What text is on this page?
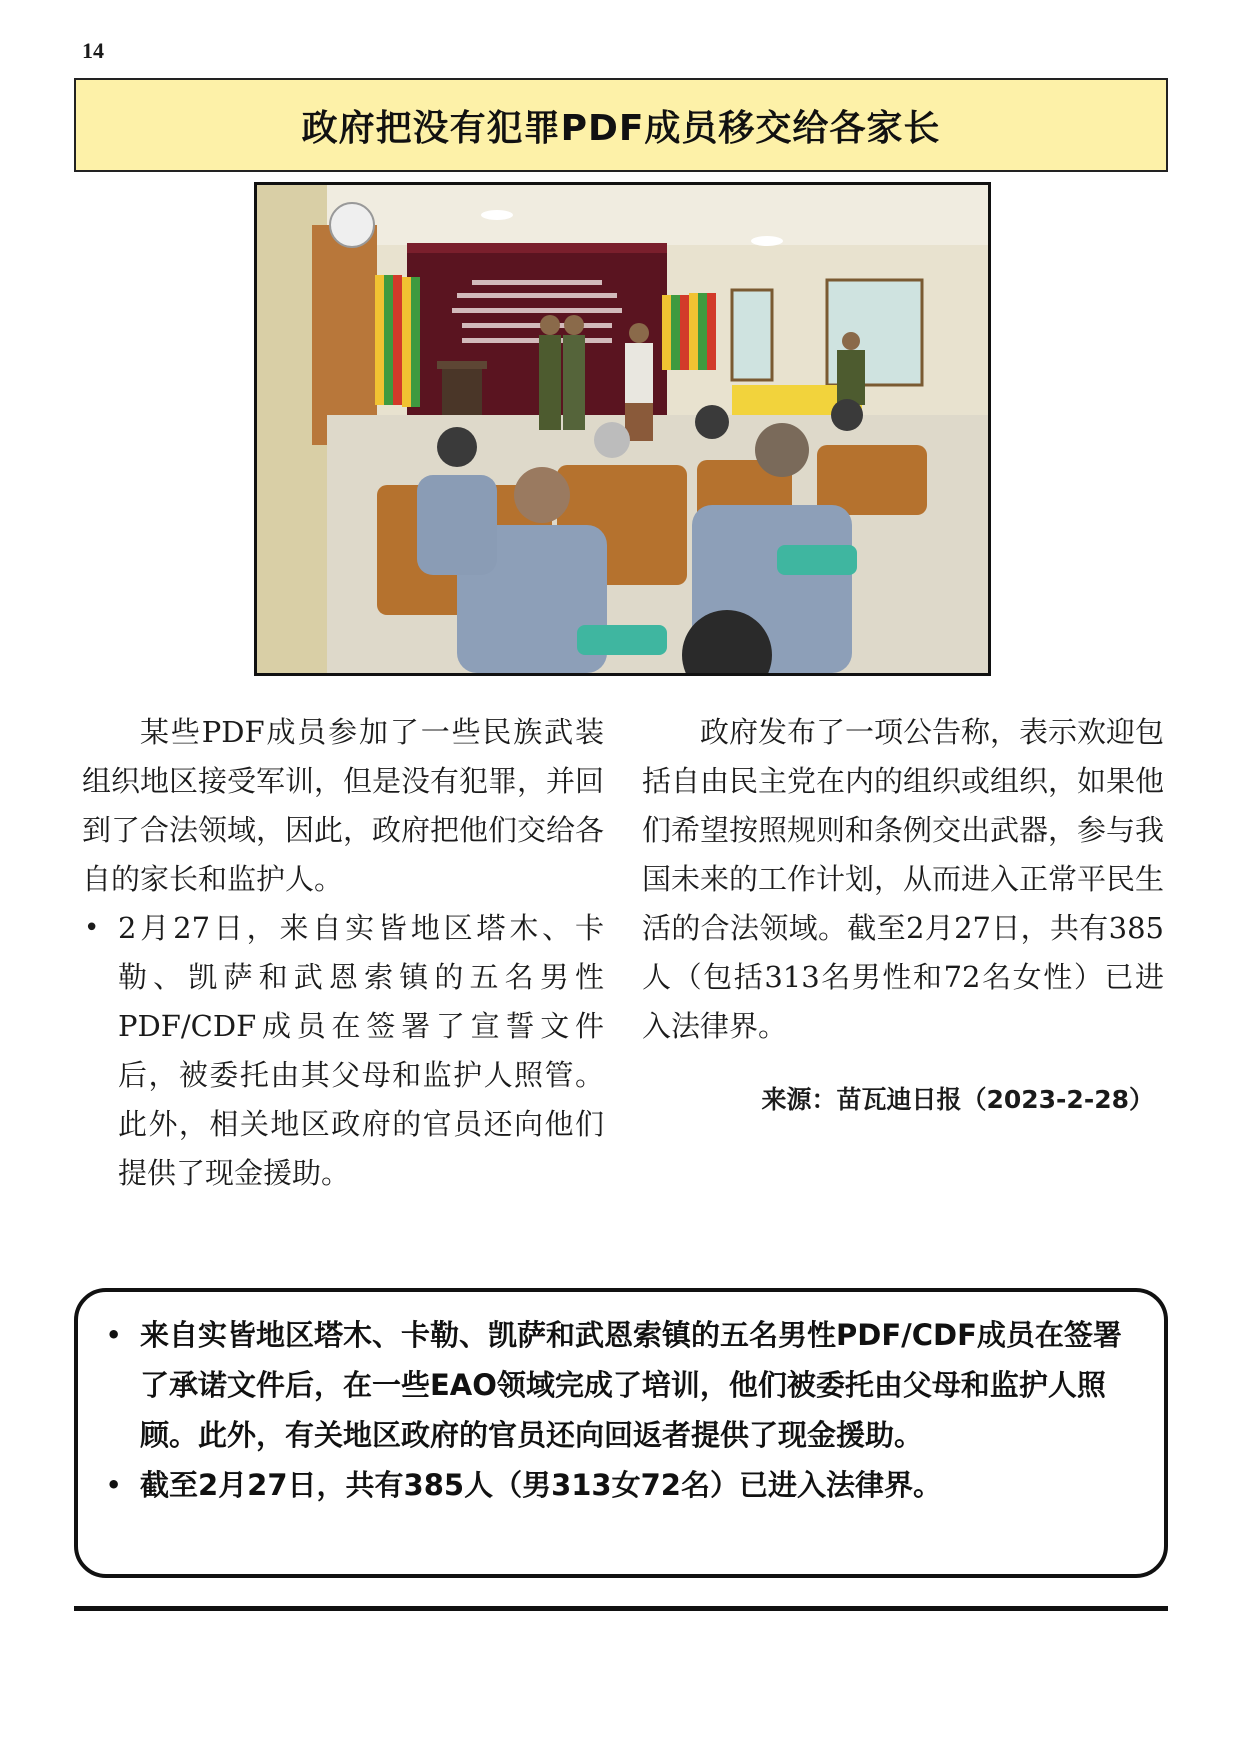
14
政府把没有犯罪PDF成员移交给各家长

某些PDF成员参加了一些民族武装组织地区接受军训，但是没有犯罪，并回到了合法领域，因此，政府把他们交给各自的家长和监护人。

• 2月27日，来自实皆地区塔木、卡勒、凯萨和武恩索镇的五名男性PDF/CDF成员在签署了宣誓文件后，被委托由其父母和监护人照管。此外，相关地区政府的官员还向他们提供了现金援助。

政府发布了一项公告称，表示欢迎包括自由民主党在内的组织或组织，如果他们希望按照规则和条例交出武器，参与我国未来的工作计划，从而进入正常平民生活的合法领域。截至2月27日，共有385人（包括313名男性和72名女性）已进入法律界。

来源：苗瓦迪日报（2023-2-28）
• 来自实皆地区塔木、卡勒、凯萨和武恩索镇的五名男性PDF/CDF成员在签署了承诺文件后，在一些EAO领域完成了培训，他们被委托由父母和监护人照顾。此外，有关地区政府的官员还向回返者提供了现金援助。
• 截至2月27日，共有385人（男313女72名）已进入法律界。
